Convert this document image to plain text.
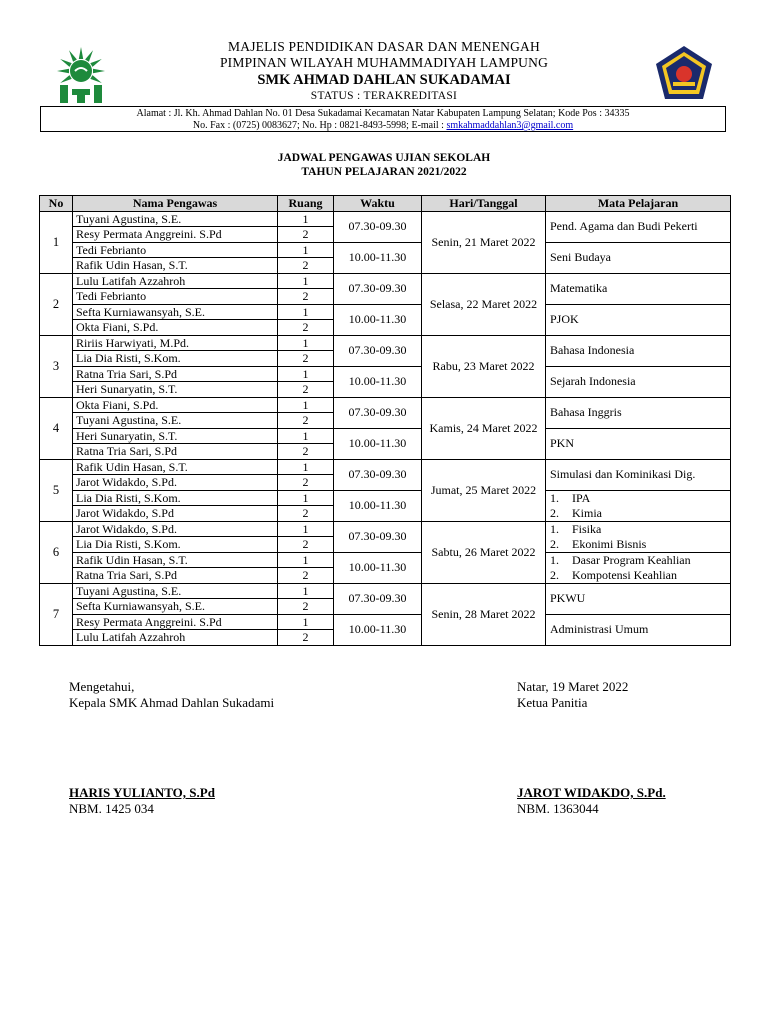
MAJELIS PENDIDIKAN DASAR DAN MENENGAH
PIMPINAN WILAYAH MUHAMMADIYAH LAMPUNG
SMK AHMAD DAHLAN SUKADAMAI
STATUS : TERAKREDITASI
Alamat : Jl. Kh. Ahmad Dahlan No. 01 Desa Sukadamai Kecamatan Natar Kabupaten Lampung Selatan; Kode Pos : 34335
No. Fax : (0725) 0083627; No. Hp : 0821-8493-5998; E-mail : smkahmaddahlan3@gmail.com
JADWAL PENGAWAS UJIAN SEKOLAH
TAHUN PELAJARAN 2021/2022
No	Nama Pengawas	Ruang	Waktu	Hari/Tanggal	Mata Pelajaran
1	Tuyani Agustina, S.E.	1	07.30-09.30	Senin, 21 Maret 2022	Pend. Agama dan Budi Pekerti
	Resy Permata Anggreini. S.Pd	2			
	Tedi Febrianto	1	10.00-11.30		Seni Budaya
	Rafik Udin Hasan, S.T.	2			
2	Lulu Latifah Azzahroh	1	07.30-09.30	Selasa, 22 Maret 2022	Matematika
	Tedi Febrianto	2			
	Sefta Kurniawansyah, S.E.	1	10.00-11.30		PJOK
	Okta Fiani, S.Pd.	2			
3	Ririis Harwiyati, M.Pd.	1	07.30-09.30	Rabu, 23 Maret 2022	Bahasa Indonesia
	Lia Dia Risti, S.Kom.	2			
	Ratna Tria Sari, S.Pd	1	10.00-11.30		Sejarah Indonesia
	Heri Sunaryatin, S.T.	2			
4	Okta Fiani, S.Pd.	1	07.30-09.30	Kamis, 24 Maret 2022	Bahasa Inggris
	Tuyani Agustina, S.E.	2			
	Heri Sunaryatin, S.T.	1	10.00-11.30		PKN
	Ratna Tria Sari, S.Pd	2			
5	Rafik Udin Hasan, S.T.	1	07.30-09.30	Jumat, 25 Maret 2022	Simulasi dan Kominikasi Dig.
	Jarot Widakdo, S.Pd.	2			
	Lia Dia Risti, S.Kom.	1	10.00-11.30		1. IPA
2. Kimia

	Jarot Widakdo, S.Pd	2			
6	Jarot Widakdo, S.Pd.	1	07.30-09.30	Sabtu, 26 Maret 2022	1. Fisika
2. Ekonimi Bisnis

	Lia Dia Risti, S.Kom.	2			
	Rafik Udin Hasan, S.T.	1	10.00-11.30		1. Dasar Program Keahlian
2. Kompotensi Keahlian

	Ratna Tria Sari, S.Pd	2			
7	Tuyani Agustina, S.E.	1	07.30-09.30	Senin, 28 Maret 2022	PKWU
	Sefta Kurniawansyah, S.E.	2			
	Resy Permata Anggreini. S.Pd	1	10.00-11.30		Administrasi Umum
	Lulu Latifah Azzahroh	2			
Mengetahui,
Kepala SMK Ahmad Dahlan Sukadami
HARIS YULIANTO, S.Pd
NBM. 1425 034
Natar, 19 Maret 2022
Ketua Panitia
JAROT WIDAKDO, S.Pd.
NBM. 1363044
